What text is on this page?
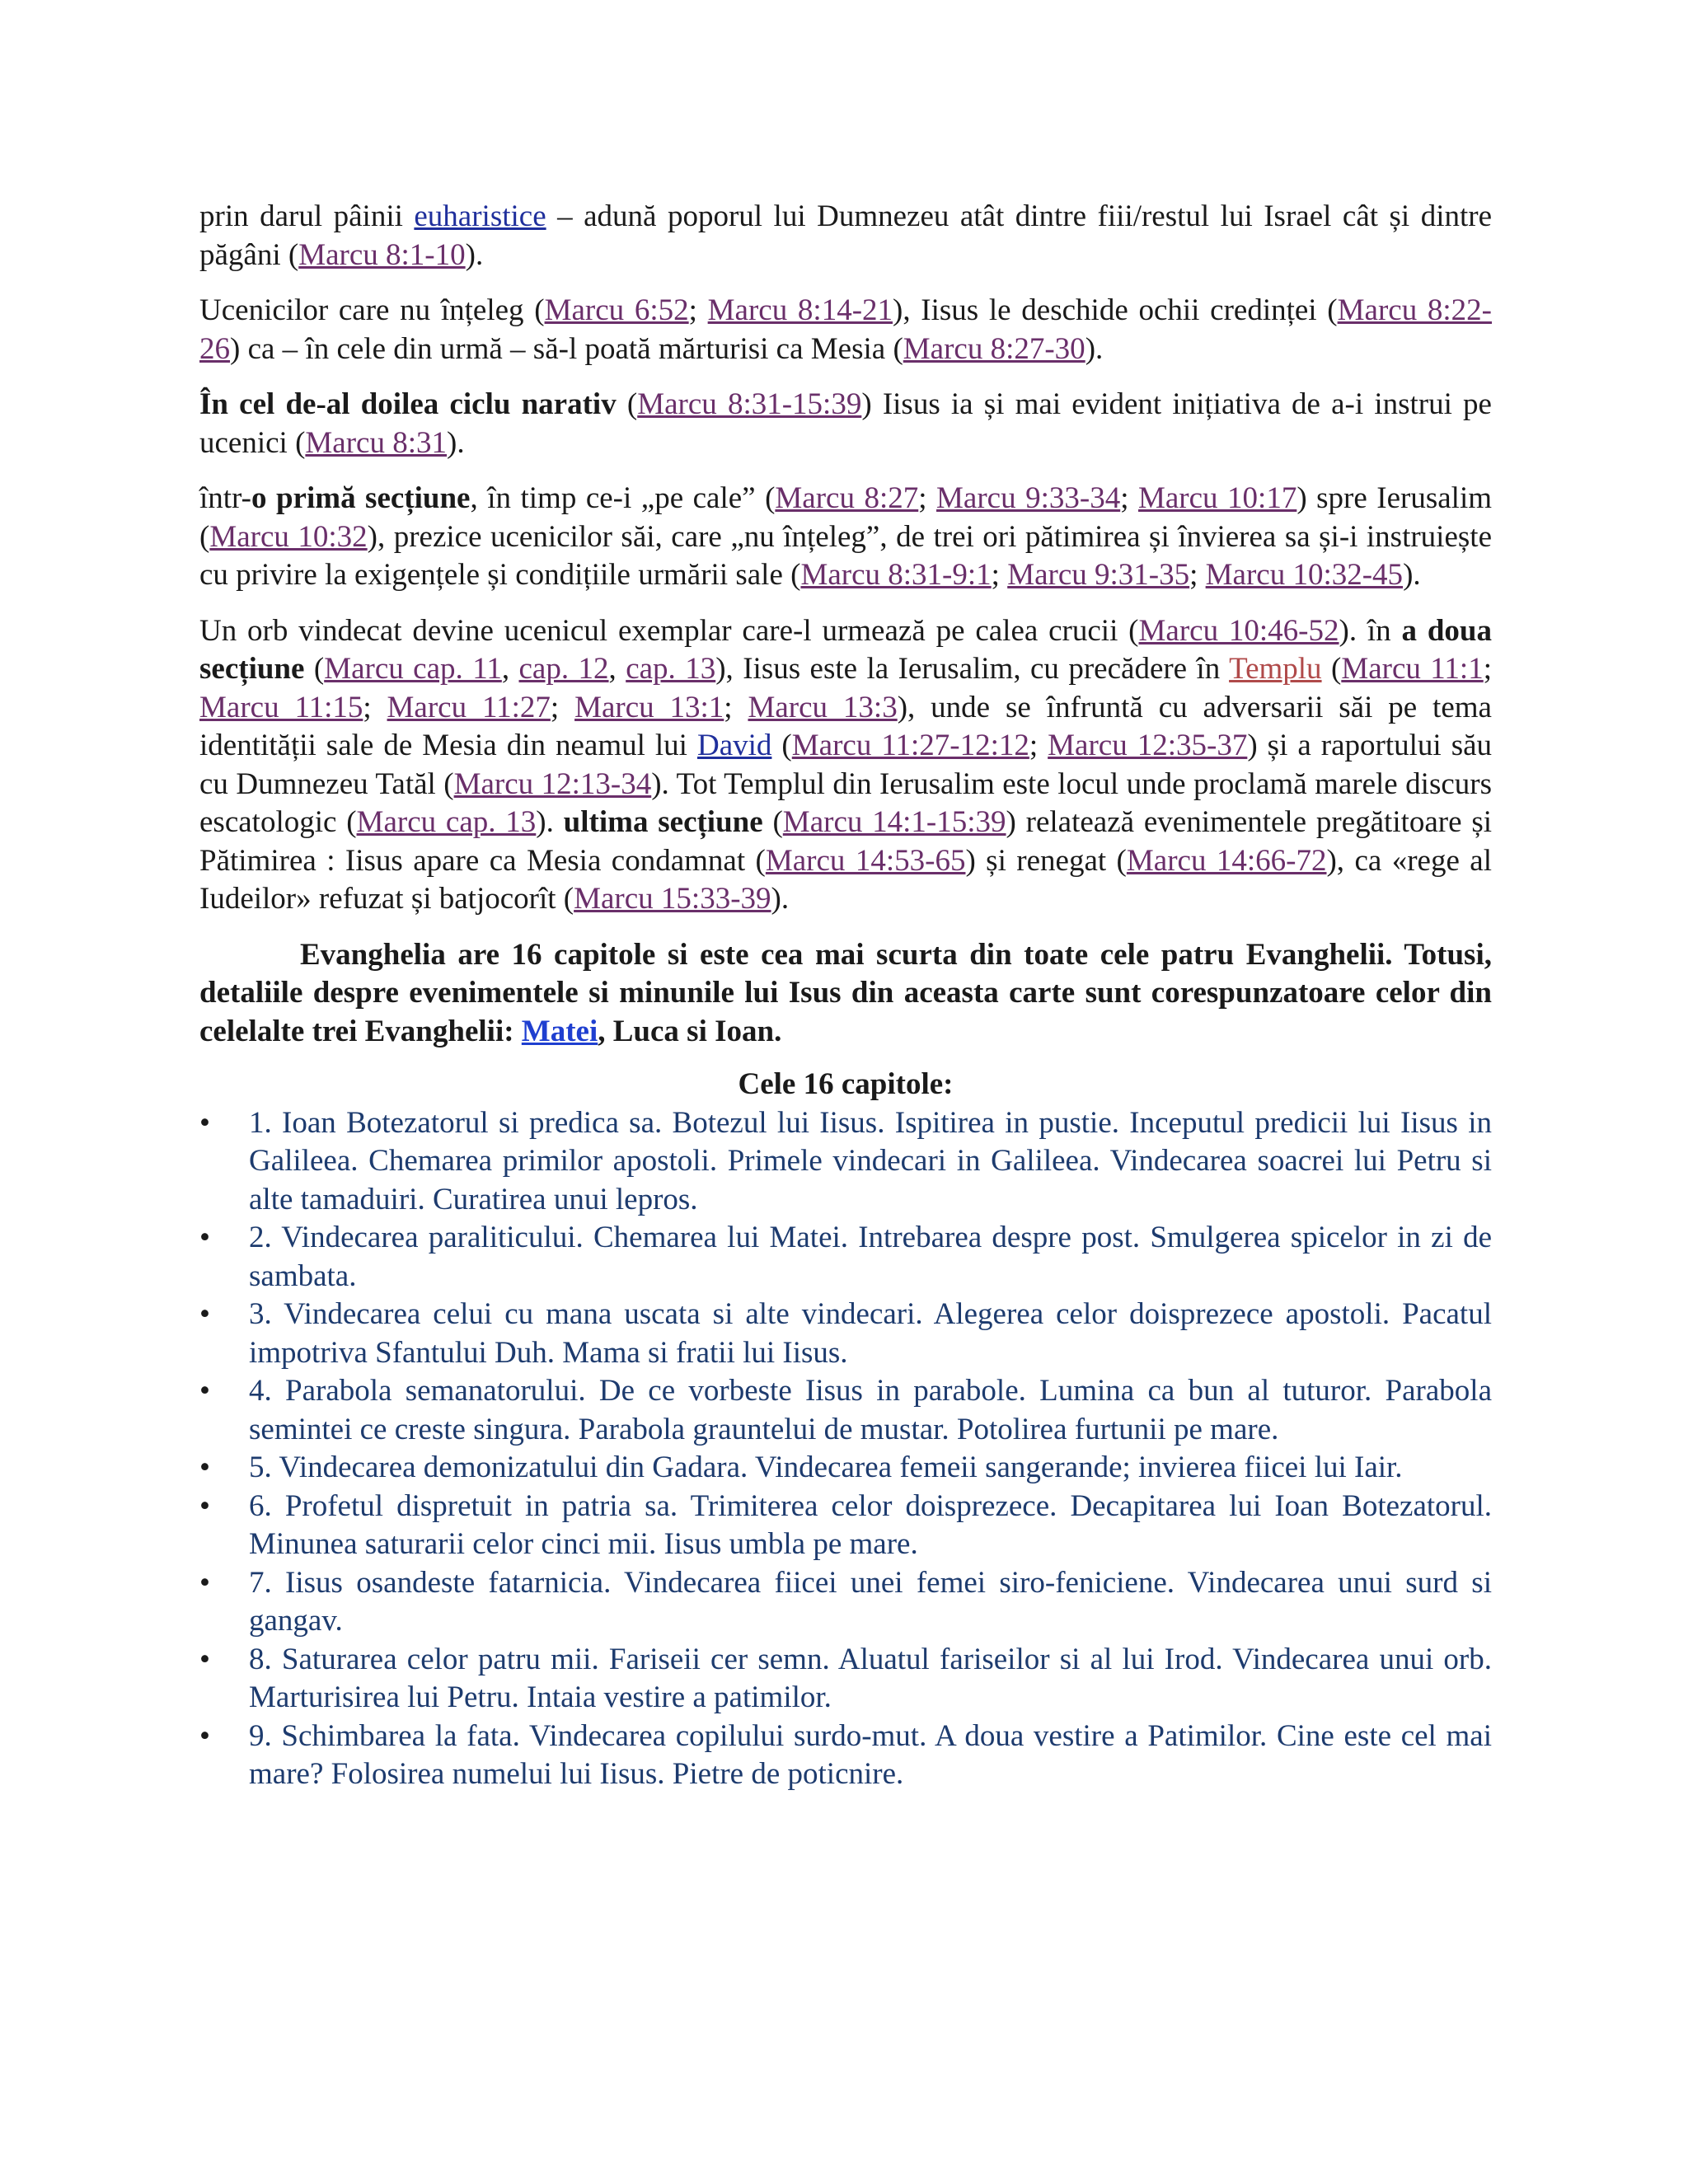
prin darul pâinii euharistice – adună poporul lui Dumnezeu atât dintre fiii/restul lui Israel cât și dintre păgâni (Marcu 8:1-10).

Ucenicilor care nu înțeleg (Marcu 6:52; Marcu 8:14-21), Iisus le deschide ochii credinței (Marcu 8:22-26) ca – în cele din urmă – să-l poată mărturisi ca Mesia (Marcu 8:27-30).

În cel de-al doilea ciclu narativ (Marcu 8:31-15:39) Iisus ia și mai evident inițiativa de a-i instrui pe ucenici (Marcu 8:31).

într-o primă secțiune, în timp ce-i „pe cale” (Marcu 8:27; Marcu 9:33-34; Marcu 10:17) spre Ierusalim (Marcu 10:32), prezice ucenicilor săi, care „nu înțeleg”, de trei ori pătimirea și învierea sa și-i instruiește cu privire la exigențele și condițiile urmării sale (Marcu 8:31-9:1; Marcu 9:31-35; Marcu 10:32-45).

Un orb vindecat devine ucenicul exemplar care-l urmează pe calea crucii (Marcu 10:46-52). în a doua secțiune (Marcu cap. 11, cap. 12, cap. 13), Iisus este la Ierusalim, cu precădere în Templu (Marcu 11:1; Marcu 11:15; Marcu 11:27; Marcu 13:1; Marcu 13:3), unde se înfruntă cu adversarii săi pe tema identității sale de Mesia din neamul lui David (Marcu 11:27-12:12; Marcu 12:35-37) și a raportului său cu Dumnezeu Tatăl (Marcu 12:13-34). Tot Templul din Ierusalim este locul unde proclamă marele discurs escatologic (Marcu cap. 13). ultima secțiune (Marcu 14:1-15:39) relatează evenimentele pregătitoare și Pătimirea : Iisus apare ca Mesia condamnat (Marcu 14:53-65) și renegat (Marcu 14:66-72), ca «rege al Iudeilor» refuzat și batjocorît (Marcu 15:33-39).

Evanghelia are 16 capitole si este cea mai scurta din toate cele patru Evanghelii. Totusi, detaliile despre evenimentele si minunile lui Isus din aceasta carte sunt corespunzatoare celor din celelalte trei Evanghelii: Matei, Luca si Ioan.

Cele 16 capitole:
•	1. Ioan Botezatorul si predica sa. Botezul lui Iisus. Ispitirea in pustie. Inceputul predicii lui Iisus in Galileea. Chemarea primilor apostoli. Primele vindecari in Galileea. Vindecarea soacrei lui Petru si alte tamaduiri. Curatirea unui lepros.
•	2. Vindecarea paraliticului. Chemarea lui Matei. Intrebarea despre post. Smulgerea spicelor in zi de sambata.
•	3. Vindecarea celui cu mana uscata si alte vindecari. Alegerea celor doisprezece apostoli. Pacatul impotriva Sfantului Duh. Mama si fratii lui Iisus.
•	4. Parabola semanatorului. De ce vorbeste Iisus in parabole. Lumina ca bun al tuturor. Parabola semintei ce creste singura. Parabola grauntelui de mustar. Potolirea furtunii pe mare.
•	5. Vindecarea demonizatului din Gadara. Vindecarea femeii sangerande; invierea fiicei lui Iair.
•	6. Profetul dispretuit in patria sa. Trimiterea celor doisprezece. Decapitarea lui Ioan Botezatorul. Minunea saturarii celor cinci mii. Iisus umbla pe mare.
•	7. Iisus osandeste fatarnicia. Vindecarea fiicei unei femei siro-feniciene. Vindecarea unui surd si gangav.
•	8. Saturarea celor patru mii. Fariseii cer semn. Aluatul fariseilor si al lui Irod. Vindecarea unui orb. Marturisirea lui Petru. Intaia vestire a patimilor.
•	9. Schimbarea la fata. Vindecarea copilului surdo-mut. A doua vestire a Patimilor. Cine este cel mai mare? Folosirea numelui lui Iisus. Pietre de poticnire.
